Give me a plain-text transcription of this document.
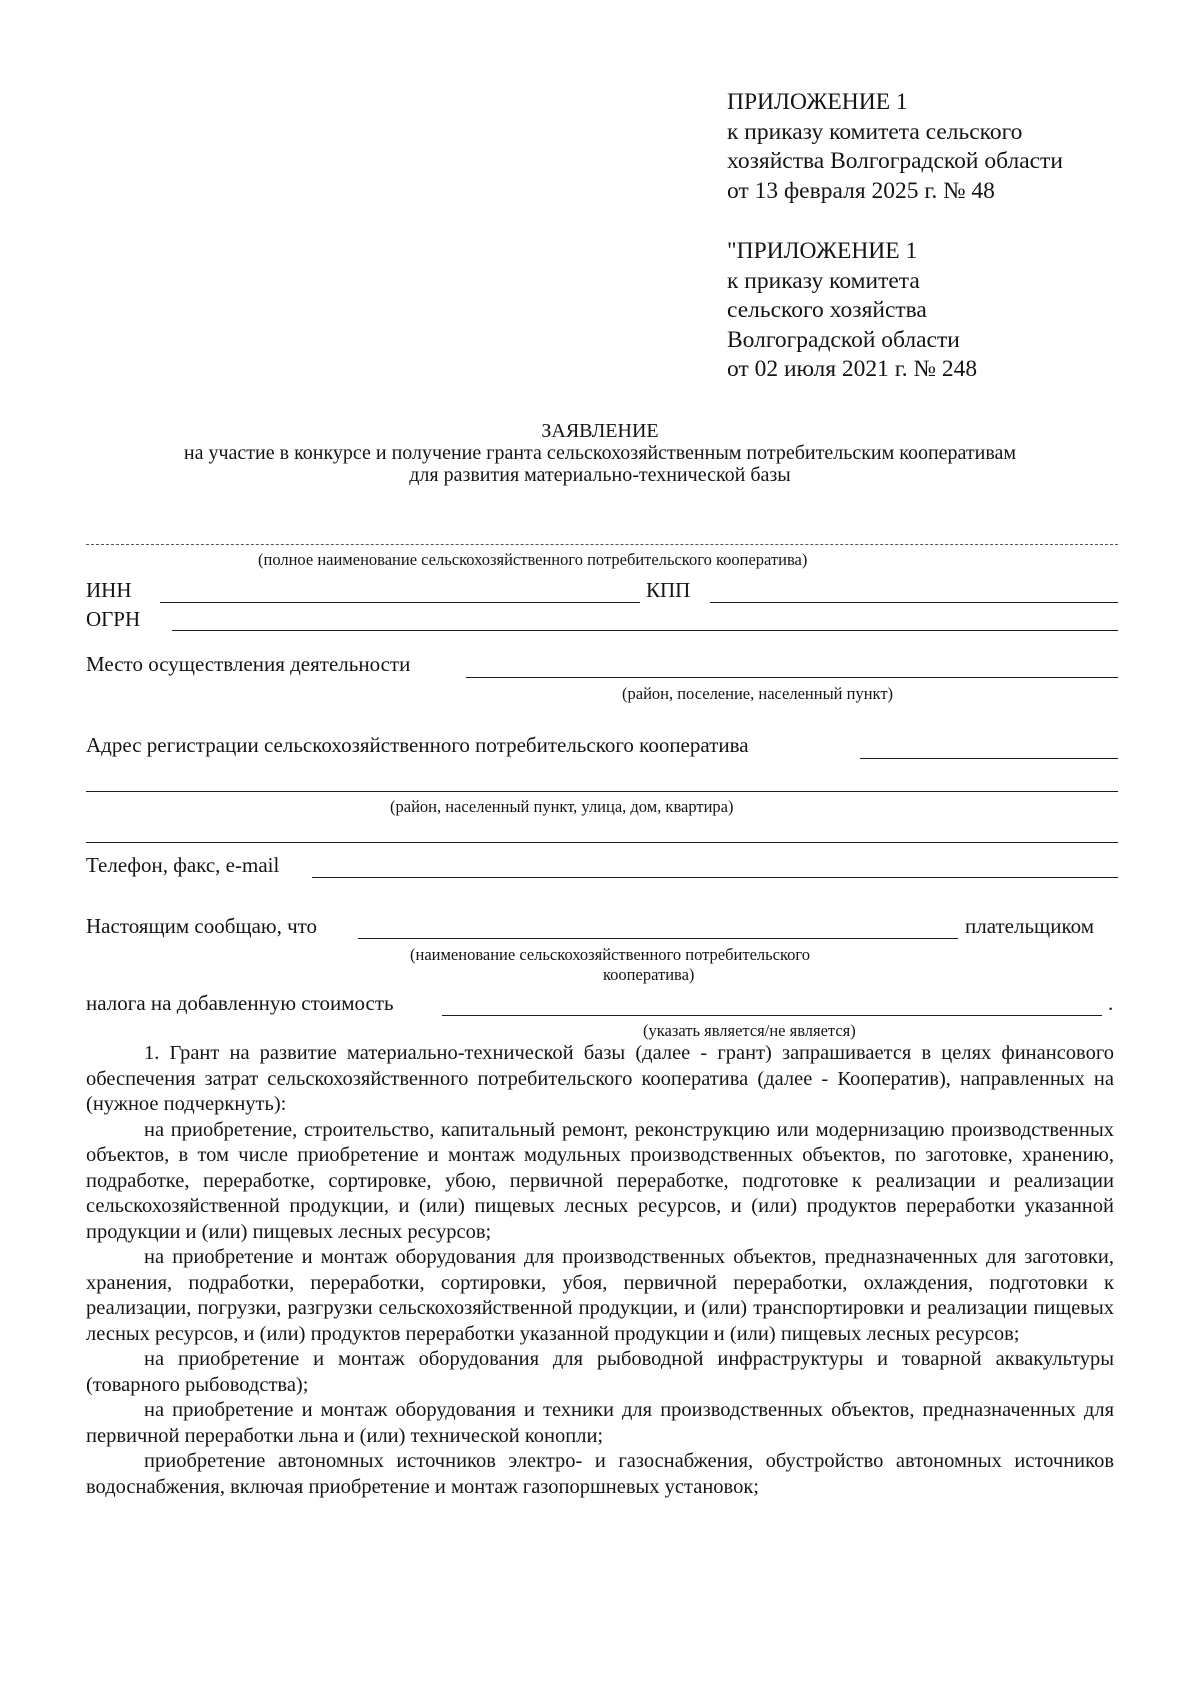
ПРИЛОЖЕНИЕ 1
к приказу комитета сельского
хозяйства Волгоградской области
от 13 февраля 2025 г. № 48
"ПРИЛОЖЕНИЕ 1
к приказу комитета
сельского хозяйства
Волгоградской области
от 02 июля 2021 г. № 248
ЗАЯВЛЕНИЕ
на участие в конкурсе и получение гранта сельскохозяйственным потребительским кооперативам
для развития материально-технической базы
(полное наименование сельскохозяйственного потребительского кооператива)
ИНН	КПП
ОГРН
Место осуществления деятельности
(район, поселение, населенный пункт)
Адрес регистрации сельскохозяйственного потребительского кооператива
(район, населенный пункт, улица, дом, квартира)
Телефон, факс, e-mail
Настоящим сообщаю, что	плательщиком
(наименование сельскохозяйственного потребительского
кооператива)
налога на добавленную стоимость	.
(указать является/не является)

1. Грант на развитие материально-технической базы (далее - грант) запрашивается в целях финансового обеспечения затрат сельскохозяйственного потребительского кооператива (далее - Кооператив), направленных на (нужное подчеркнуть):

на приобретение, строительство, капитальный ремонт, реконструкцию или модернизацию производственных объектов, в том числе приобретение и монтаж модульных производственных объектов, по заготовке, хранению, подработке, переработке, сортировке, убою, первичной переработке, подготовке к реализации и реализации сельскохозяйственной продукции, и (или) пищевых лесных ресурсов, и (или) продуктов переработки указанной продукции и (или) пищевых лесных ресурсов;

на приобретение и монтаж оборудования для производственных объектов, предназначенных для заготовки, хранения, подработки, переработки, сортировки, убоя, первичной переработки, охлаждения, подготовки к реализации, погрузки, разгрузки сельскохозяйственной продукции, и (или) транспортировки и реализации пищевых лесных ресурсов, и (или) продуктов переработки указанной продукции и (или) пищевых лесных ресурсов;

на приобретение и монтаж оборудования для рыбоводной инфраструктуры и товарной аквакультуры (товарного рыбоводства);

на приобретение и монтаж оборудования и техники для производственных объектов, предназначенных для первичной переработки льна и (или) технической конопли;

приобретение автономных источников электро- и газоснабжения, обустройство автономных источников водоснабжения, включая приобретение и монтаж газопоршневых установок;
